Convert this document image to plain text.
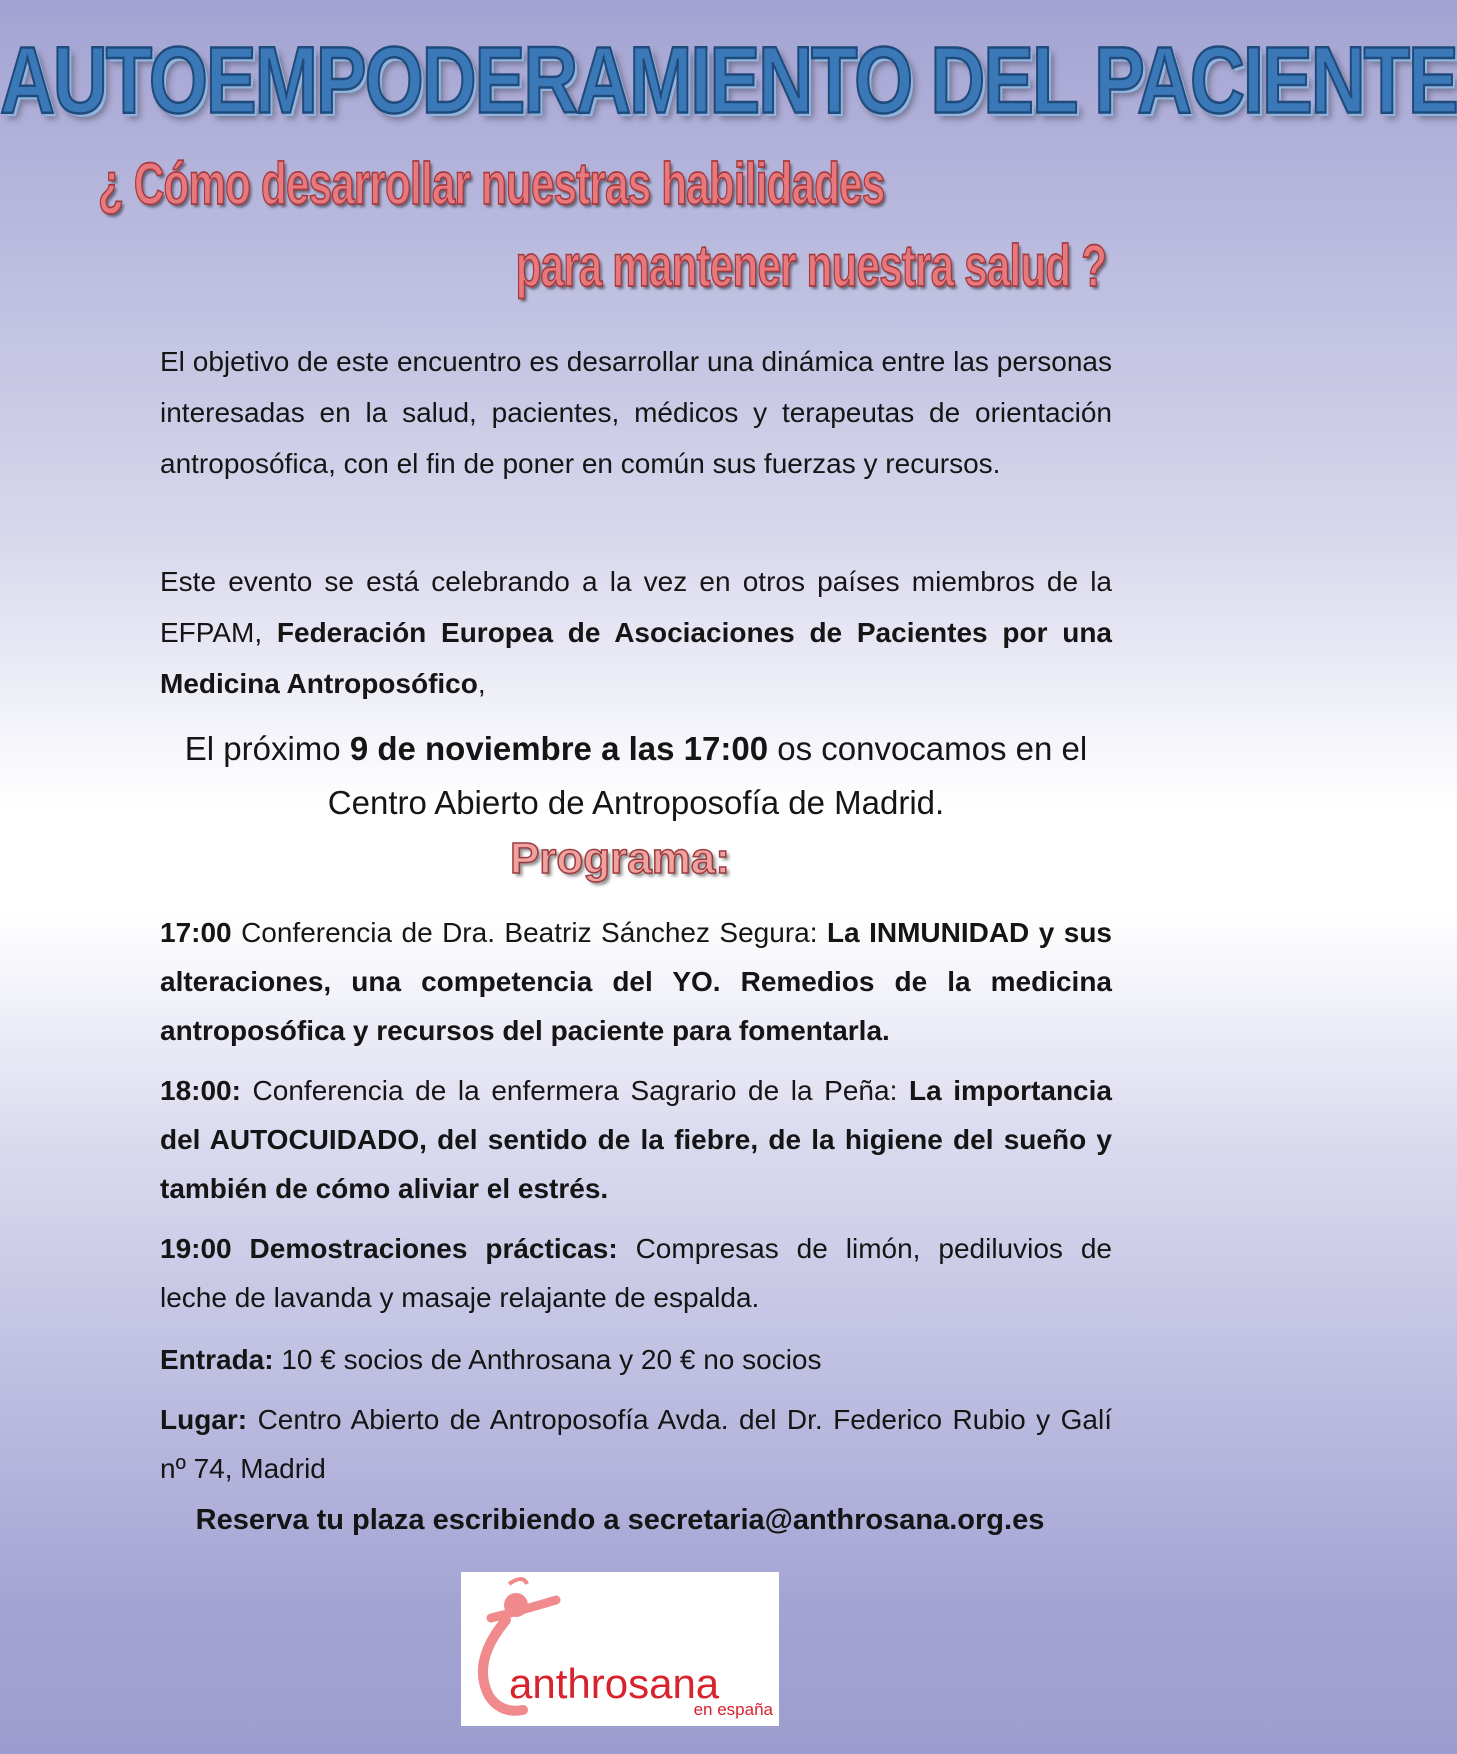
AUTOEMPODERAMIENTO DEL PACIENTE
¿ Cómo desarrollar nuestras habilidades
para mantener nuestra salud ?
El objetivo de este encuentro es desarrollar una dinámica entre las personas interesadas en la salud, pacientes, médicos y terapeutas de orientación antroposófica, con el fin de poner en común sus fuerzas y recursos.
Este evento se está celebrando a la vez en otros países miembros de la EFPAM, Federación Europea de Asociaciones de Pacientes por una Medicina Antroposófico,
El próximo 9 de noviembre a las 17:00 os convocamos en el
Centro Abierto de Antroposofía de Madrid.
Programa:
17:00 Conferencia de Dra. Beatriz Sánchez Segura: La INMUNIDAD y sus alteraciones, una competencia del YO. Remedios de la medicina antroposófica y recursos del paciente para fomentarla.
18:00: Conferencia de la enfermera Sagrario de la Peña: La importancia del AUTOCUIDADO, del sentido de la fiebre, de la higiene del sueño y también de cómo aliviar el estrés.
19:00 Demostraciones prácticas: Compresas de limón, pediluvios de leche de lavanda y masaje relajante de espalda.
Entrada: 10 € socios de Anthrosana y 20 € no socios
Lugar: Centro Abierto de Antroposofía Avda. del Dr. Federico Rubio y Galí nº 74, Madrid
Reserva tu plaza escribiendo a secretaria@anthrosana.org.es
anthrosana
en españa
